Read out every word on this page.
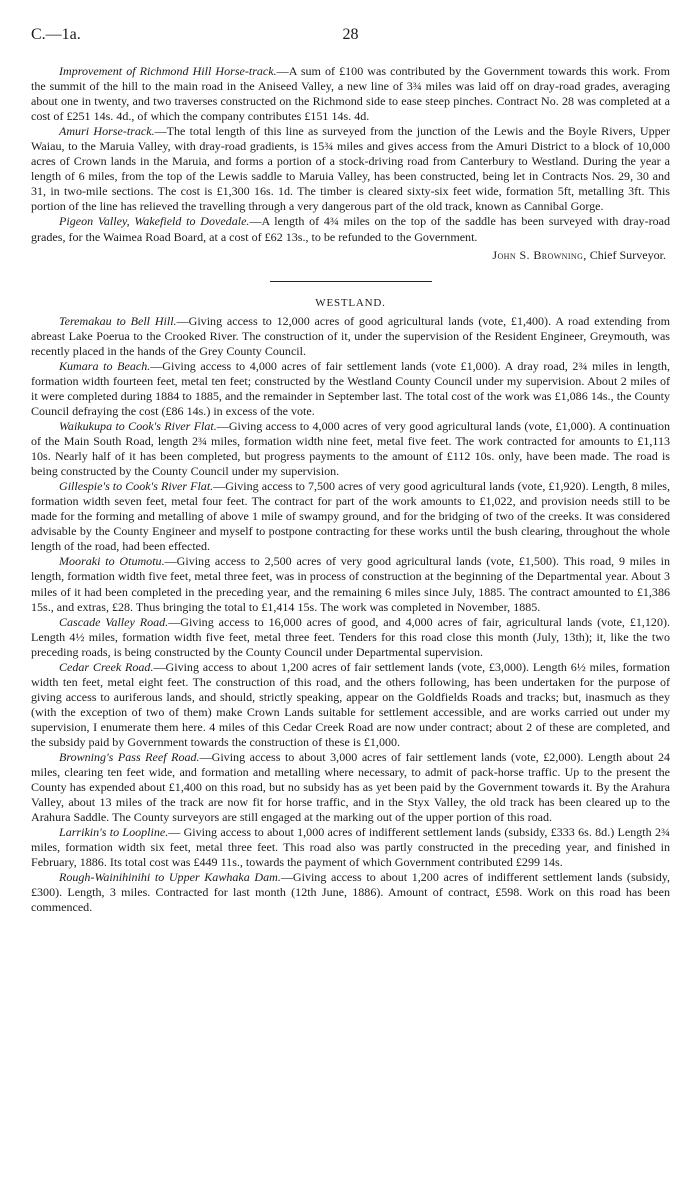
C.—1a.	28

Improvement of Richmond Hill Horse-track.—A sum of £100 was contributed by the Government towards this work. From the summit of the hill to the main road in the Aniseed Valley, a new line of 3¾ miles was laid off on dray-road grades, averaging about one in twenty, and two traverses constructed on the Richmond side to ease steep pinches. Contract No. 28 was completed at a cost of £251 14s. 4d., of which the company contributes £151 14s. 4d.

Amuri Horse-track.—The total length of this line as surveyed from the junction of the Lewis and the Boyle Rivers, Upper Waiau, to the Maruia Valley, with dray-road gradients, is 15¾ miles and gives access from the Amuri District to a block of 10,000 acres of Crown lands in the Maruia, and forms a portion of a stock-driving road from Canterbury to Westland. During the year a length of 6 miles, from the top of the Lewis saddle to Maruia Valley, has been constructed, being let in Contracts Nos. 29, 30 and 31, in two-mile sections. The cost is £1,300 16s. 1d. The timber is cleared sixty-six feet wide, formation 5ft, metalling 3ft. This portion of the line has relieved the travelling through a very dangerous part of the old track, known as Cannibal Gorge.

Pigeon Valley, Wakefield to Dovedale.—A length of 4¾ miles on the top of the saddle has been surveyed with dray-road grades, for the Waimea Road Board, at a cost of £62 13s., to be refunded to the Government.

John S. Browning, Chief Surveyor.
WESTLAND.

Teremakau to Bell Hill.—Giving access to 12,000 acres of good agricultural lands (vote, £1,400). A road extending from abreast Lake Poerua to the Crooked River. The construction of it, under the supervision of the Resident Engineer, Greymouth, was recently placed in the hands of the Grey County Council.

Kumara to Beach.—Giving access to 4,000 acres of fair settlement lands (vote £1,000). A dray road, 2¾ miles in length, formation width fourteen feet, metal ten feet; constructed by the Westland County Council under my supervision. About 2 miles of it were completed during 1884 to 1885, and the remainder in September last. The total cost of the work was £1,086 14s., the County Council defraying the cost (£86 14s.) in excess of the vote.

Waikukupa to Cook's River Flat.—Giving access to 4,000 acres of very good agricultural lands (vote, £1,000). A continuation of the Main South Road, length 2¾ miles, formation width nine feet, metal five feet. The work contracted for amounts to £1,113 10s. Nearly half of it has been completed, but progress payments to the amount of £112 10s. only, have been made. The road is being constructed by the County Council under my supervision.

Gillespie's to Cook's River Flat.—Giving access to 7,500 acres of very good agricultural lands (vote, £1,920). Length, 8 miles, formation width seven feet, metal four feet. The contract for part of the work amounts to £1,022, and provision needs still to be made for the forming and metalling of above 1 mile of swampy ground, and for the bridging of two of the creeks. It was considered advisable by the County Engineer and myself to postpone contracting for these works until the bush clearing, throughout the whole length of the road, had been effected.

Mooraki to Otumotu.—Giving access to 2,500 acres of very good agricultural lands (vote, £1,500). This road, 9 miles in length, formation width five feet, metal three feet, was in process of construction at the beginning of the Departmental year. About 3 miles of it had been completed in the preceding year, and the remaining 6 miles since July, 1885. The contract amounted to £1,386 15s., and extras, £28. Thus bringing the total to £1,414 15s. The work was completed in November, 1885.

Cascade Valley Road.—Giving access to 16,000 acres of good, and 4,000 acres of fair, agricultural lands (vote, £1,120). Length 4½ miles, formation width five feet, metal three feet. Tenders for this road close this month (July, 13th); it, like the two preceding roads, is being constructed by the County Council under Departmental supervision.

Cedar Creek Road.—Giving access to about 1,200 acres of fair settlement lands (vote, £3,000). Length 6½ miles, formation width ten feet, metal eight feet. The construction of this road, and the others following, has been undertaken for the purpose of giving access to auriferous lands, and should, strictly speaking, appear on the Goldfields Roads and tracks; but, inasmuch as they (with the exception of two of them) make Crown Lands suitable for settlement accessible, and are works carried out under my supervision, I enumerate them here. 4 miles of this Cedar Creek Road are now under contract; about 2 of these are completed, and the subsidy paid by Government towards the construction of these is £1,000.

Browning's Pass Reef Road.—Giving access to about 3,000 acres of fair settlement lands (vote, £2,000). Length about 24 miles, clearing ten feet wide, and formation and metalling where necessary, to admit of pack-horse traffic. Up to the present the County has expended about £1,400 on this road, but no subsidy has as yet been paid by the Government towards it. By the Arahura Valley, about 13 miles of the track are now fit for horse traffic, and in the Styx Valley, the old track has been cleared up to the Arahura Saddle. The County surveyors are still engaged at the marking out of the upper portion of this road.

Larrikin's to Loopline.— Giving access to about 1,000 acres of indifferent settlement lands (subsidy, £333 6s. 8d.) Length 2¾ miles, formation width six feet, metal three feet. This road also was partly constructed in the preceding year, and finished in February, 1886. Its total cost was £449 11s., towards the payment of which Government contributed £299 14s.

Rough-Wainihinihi to Upper Kawhaka Dam.—Giving access to about 1,200 acres of indifferent settlement lands (subsidy, £300). Length, 3 miles. Contracted for last month (12th June, 1886). Amount of contract, £598. Work on this road has been commenced.
